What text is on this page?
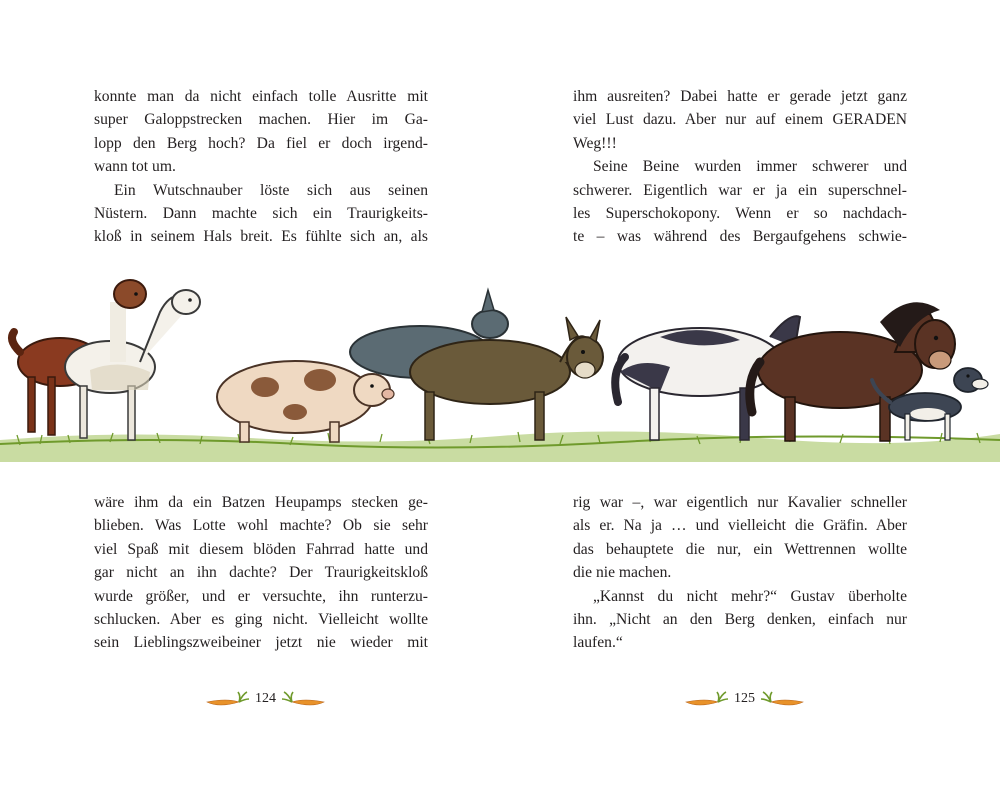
konnte man da nicht einfach tolle Ausritte mit
super Galoppstrecken machen. Hier im Ga-
lopp den Berg hoch? Da fiel er doch irgend-
wann tot um.
Ein Wutschnauber löste sich aus seinen
Nüstern. Dann machte sich ein Traurigkeits-
kloß in seinem Hals breit. Es fühlte sich an, als
wäre ihm da ein Batzen Heupamps stecken ge-
blieben. Was Lotte wohl machte? Ob sie sehr
viel Spaß mit diesem blöden Fahrrad hatte und
gar nicht an ihn dachte? Der Traurigkeitskloß
wurde größer, und er versuchte, ihn runterzu-
schlucken. Aber es ging nicht. Vielleicht wollte
sein Lieblingszweibeiner jetzt nie wieder mit
124
ihm ausreiten? Dabei hatte er gerade jetzt ganz
viel Lust dazu. Aber nur auf einem GERADEN
Weg!!!
Seine Beine wurden immer schwerer und
schwerer. Eigentlich war er ja ein superschnel-
les Superschokopony. Wenn er so nachdach-
te – was während des Bergaufgehens schwie-
rig war –, war eigentlich nur Kavalier schneller
als er. Na ja … und vielleicht die Gräfin. Aber
das behauptete die nur, ein Wettrennen wollte
die nie machen.
„Kannst du nicht mehr?“ Gustav überholte
ihn. „Nicht an den Berg denken, einfach nur
laufen.“
125
